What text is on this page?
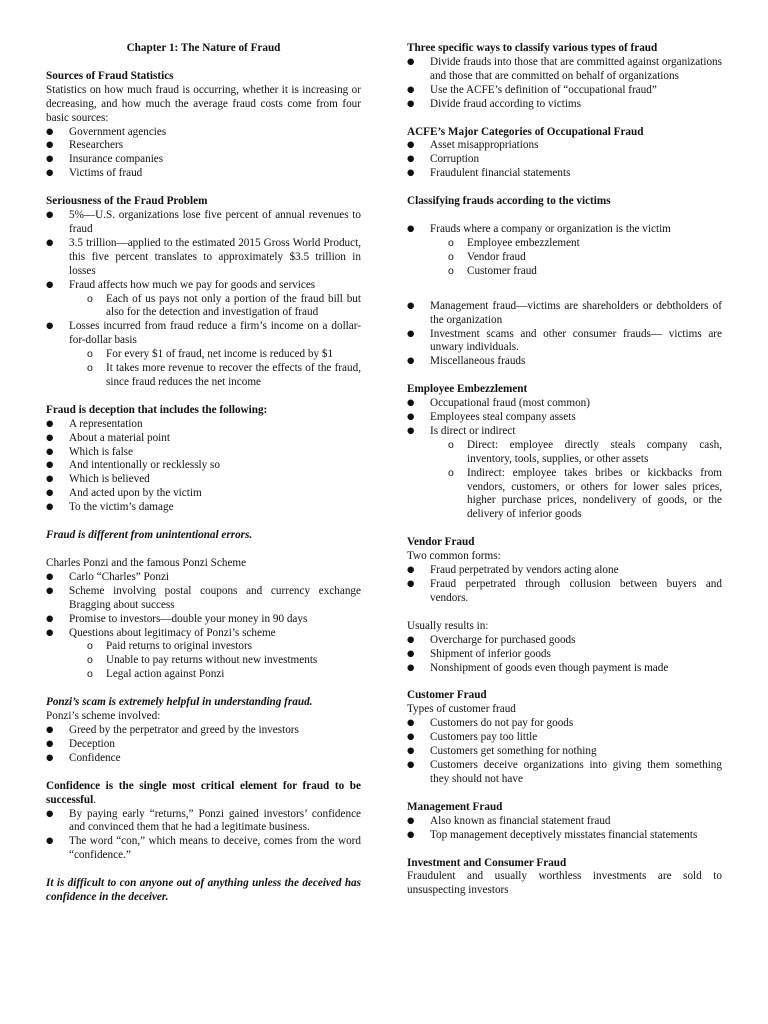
Chapter 1: The Nature of Fraud
Sources of Fraud Statistics
Statistics on how much fraud is occurring, whether it is increasing or decreasing, and how much the average fraud costs come from four basic sources:
● Government agencies
● Researchers
● Insurance companies
● Victims of fraud
Seriousness of the Fraud Problem
● 5%—U.S. organizations lose five percent of annual revenues to fraud
● 3.5 trillion—applied to the estimated 2015 Gross World Product, this five percent translates to approximately $3.5 trillion in losses
● Fraud affects how much we pay for goods and services
o Each of us pays not only a portion of the fraud bill but also for the detection and investigation of fraud
● Losses incurred from fraud reduce a firm’s income on a dollar-for-dollar basis
o For every $1 of fraud, net income is reduced by $1
o It takes more revenue to recover the effects of the fraud, since fraud reduces the net income
Fraud is deception that includes the following:
● A representation
● About a material point
● Which is false
● And intentionally or recklessly so
● Which is believed
● And acted upon by the victim
● To the victim’s damage
Fraud is different from unintentional errors.
Charles Ponzi and the famous Ponzi Scheme
● Carlo “Charles” Ponzi
● Scheme involving postal coupons and currency exchange Bragging about success
● Promise to investors—double your money in 90 days
● Questions about legitimacy of Ponzi’s scheme
o Paid returns to original investors
o Unable to pay returns without new investments
o Legal action against Ponzi
Ponzi’s scam is extremely helpful in understanding fraud.
Ponzi’s scheme involved:
● Greed by the perpetrator and greed by the investors
● Deception
● Confidence
Confidence is the single most critical element for fraud to be successful.
● By paying early “returns,” Ponzi gained investors’ confidence and convinced them that he had a legitimate business.
● The word “con,” which means to deceive, comes from the word “confidence.”
It is difficult to con anyone out of anything unless the deceived has confidence in the deceiver.
Three specific ways to classify various types of fraud
● Divide frauds into those that are committed against organizations and those that are committed on behalf of organizations
● Use the ACFE’s definition of “occupational fraud”
● Divide fraud according to victims
ACFE’s Major Categories of Occupational Fraud
● Asset misappropriations
● Corruption
● Fraudulent financial statements
Classifying frauds according to the victims
● Frauds where a company or organization is the victim
o Employee embezzlement
o Vendor fraud
o Customer fraud
● Management fraud—victims are shareholders or debtholders of the organization
● Investment scams and other consumer frauds— victims are unwary individuals.
● Miscellaneous frauds
Employee Embezzlement
● Occupational fraud (most common)
● Employees steal company assets
● Is direct or indirect
o Direct: employee directly steals company cash, inventory, tools, supplies, or other assets
o Indirect: employee takes bribes or kickbacks from vendors, customers, or others for lower sales prices, higher purchase prices, nondelivery of goods, or the delivery of inferior goods
Vendor Fraud
Two common forms:
● Fraud perpetrated by vendors acting alone
● Fraud perpetrated through collusion between buyers and vendors.
Usually results in:
● Overcharge for purchased goods
● Shipment of inferior goods
● Nonshipment of goods even though payment is made
Customer Fraud
Types of customer fraud
● Customers do not pay for goods
● Customers pay too little
● Customers get something for nothing
● Customers deceive organizations into giving them something they should not have
Management Fraud
● Also known as financial statement fraud
● Top management deceptively misstates financial statements
Investment and Consumer Fraud
Fraudulent and usually worthless investments are sold to unsuspecting investors
